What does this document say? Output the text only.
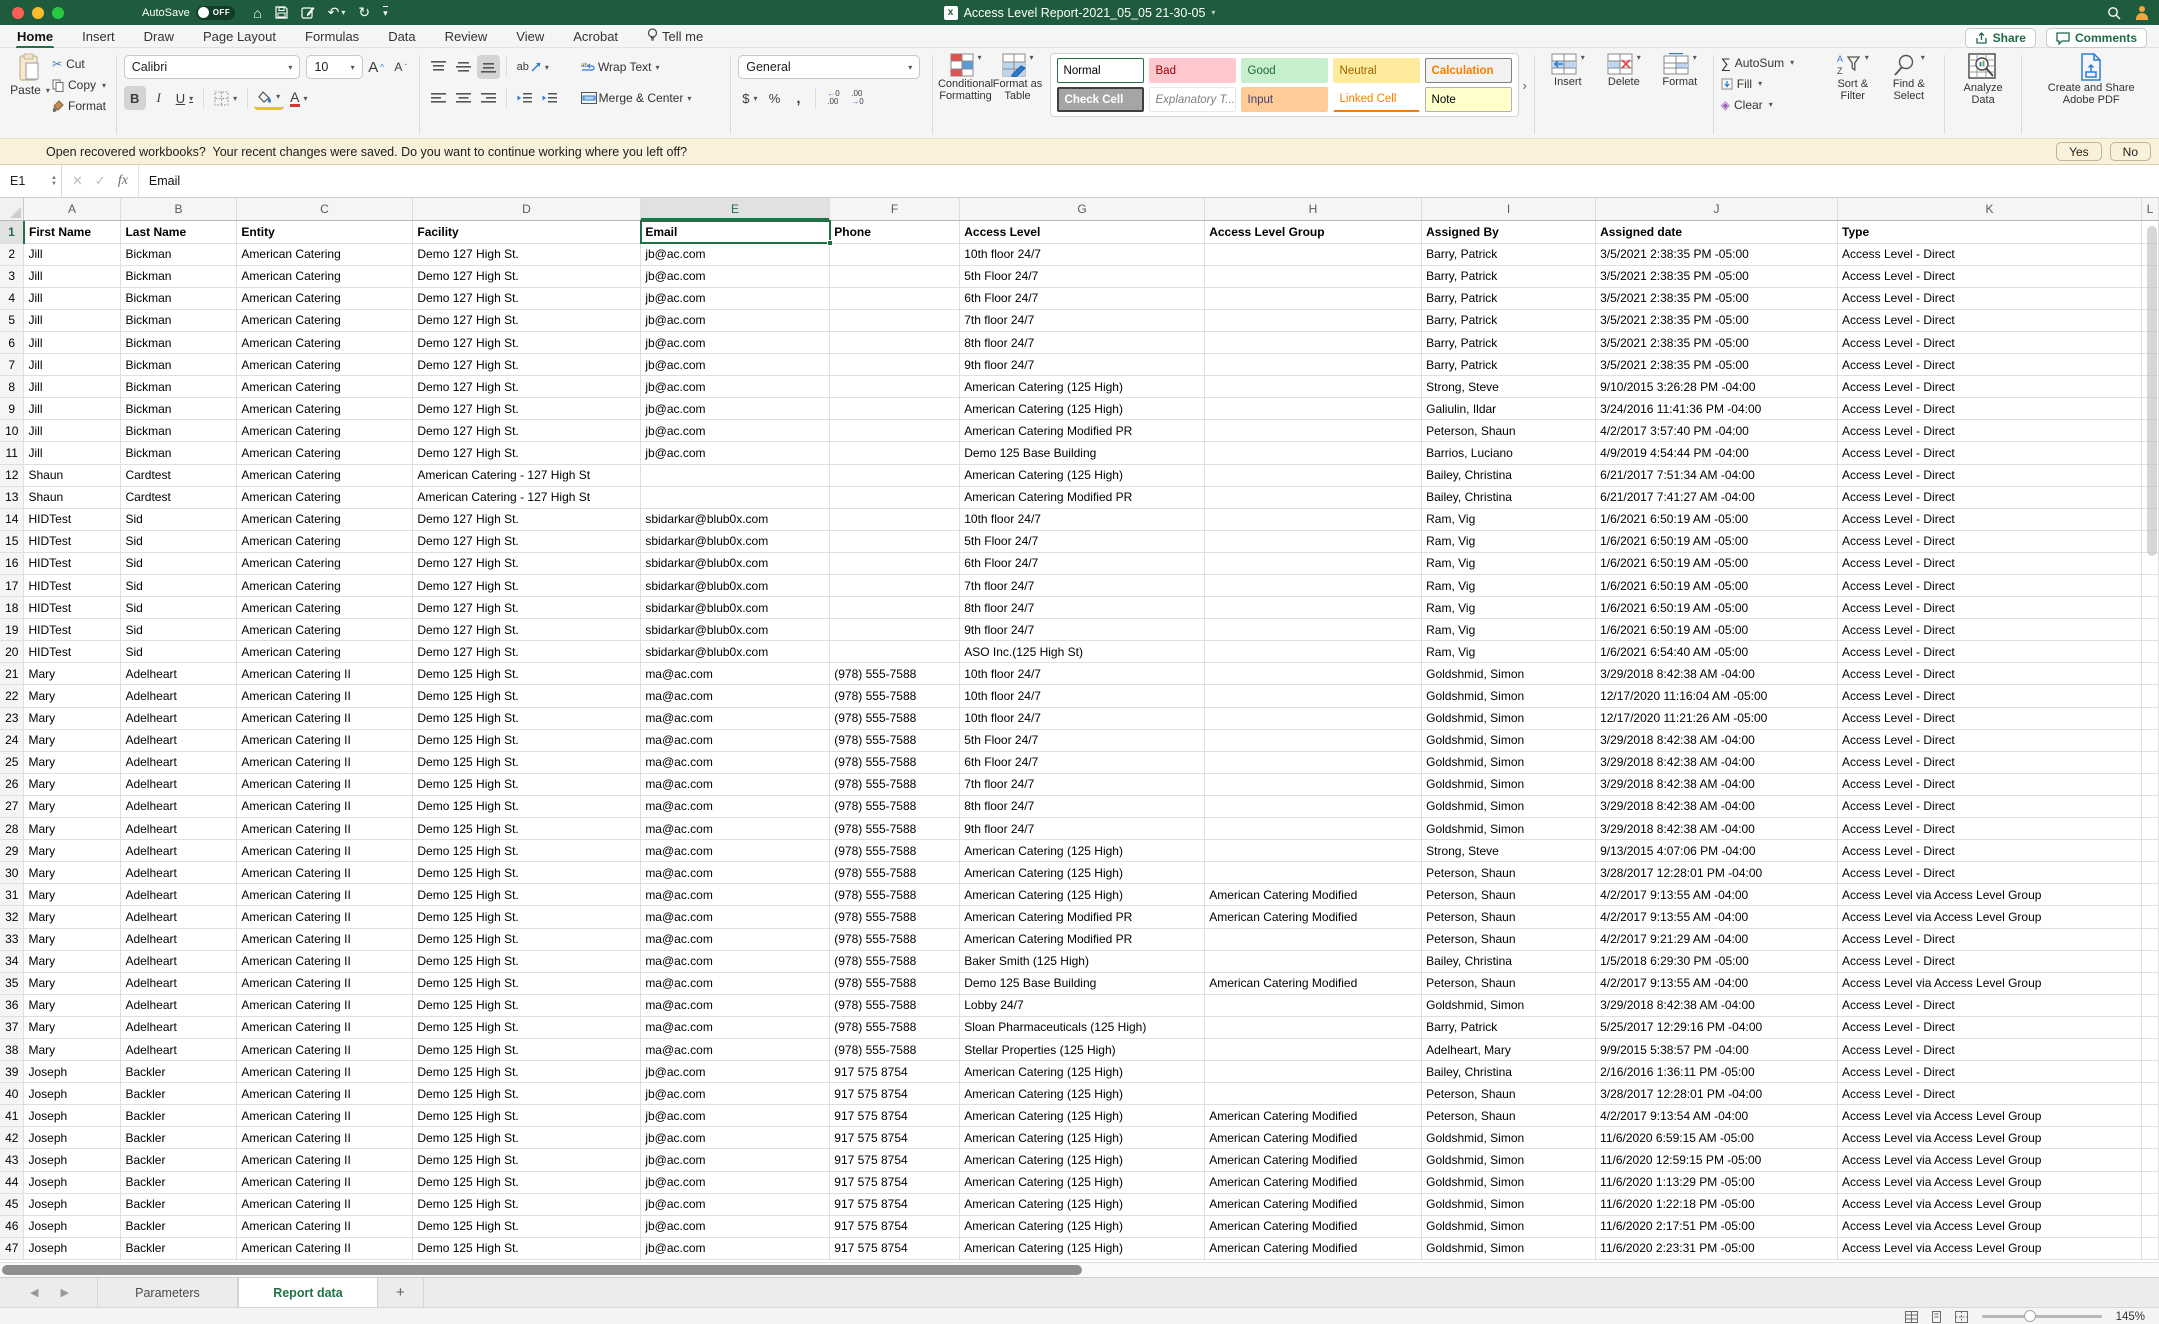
AutoSave	OFF ⌂	↶ ▾ ↻ ▾	x Access Level Report-2021_05_05 21-30-05 ▾
Home Insert Draw Page Layout Formulas Data Review View Acrobat	Tell me	Share	Comments
Paste ▾
✂ Cut
Copy ▾
Format
Calibri	▾ 10	▾ A ^ A ˇ
B I U ▾	▾	▾ A ▾
ab ▾	ab Wrap Text ▾
Merge & Center ▾
General	▾
$ ▾ % ,	←0
.00
.00
→0
▾
Conditional Formatting
▾
Format as Table
Normal	Bad	Good	Neutral	Calculation
Check Cell	Explanatory T...	Input	Linked Cell	Note
›
▾
Insert
▾
Delete
▾
Format
∑ AutoSum ▾
Fill ▾
◈ Clear ▾
A
Z
▾
Sort & Filter
▾
Find & Select
Analyze Data
Create and Share Adobe PDF
Open recovered workbooks?  Your recent changes were saved. Do you want to continue working where you left off?	Yes	No
E1	▲
▼ ✕ ✓ fx	Email
A	B	C	D	E	F	G	H	I	J	K	L
1	First Name	Last Name	Entity	Facility	Email	Phone	Access Level	Access Level Group	Assigned By	Assigned date	Type	
2	Jill	Bickman	American Catering	Demo 127 High St.	jb@ac.com		10th floor 24/7		Barry, Patrick	3/5/2021 2:38:35 PM -05:00	Access Level - Direct	
3	Jill	Bickman	American Catering	Demo 127 High St.	jb@ac.com		5th Floor 24/7		Barry, Patrick	3/5/2021 2:38:35 PM -05:00	Access Level - Direct	
4	Jill	Bickman	American Catering	Demo 127 High St.	jb@ac.com		6th Floor 24/7		Barry, Patrick	3/5/2021 2:38:35 PM -05:00	Access Level - Direct	
5	Jill	Bickman	American Catering	Demo 127 High St.	jb@ac.com		7th floor 24/7		Barry, Patrick	3/5/2021 2:38:35 PM -05:00	Access Level - Direct	
6	Jill	Bickman	American Catering	Demo 127 High St.	jb@ac.com		8th floor 24/7		Barry, Patrick	3/5/2021 2:38:35 PM -05:00	Access Level - Direct	
7	Jill	Bickman	American Catering	Demo 127 High St.	jb@ac.com		9th floor 24/7		Barry, Patrick	3/5/2021 2:38:35 PM -05:00	Access Level - Direct	
8	Jill	Bickman	American Catering	Demo 127 High St.	jb@ac.com		American Catering (125 High)		Strong, Steve	9/10/2015 3:26:28 PM -04:00	Access Level - Direct	
9	Jill	Bickman	American Catering	Demo 127 High St.	jb@ac.com		American Catering (125 High)		Galiulin, Ildar	3/24/2016 11:41:36 PM -04:00	Access Level - Direct	
10	Jill	Bickman	American Catering	Demo 127 High St.	jb@ac.com		American Catering Modified PR		Peterson, Shaun	4/2/2017 3:57:40 PM -04:00	Access Level - Direct	
11	Jill	Bickman	American Catering	Demo 127 High St.	jb@ac.com		Demo 125 Base Building		Barrios, Luciano	4/9/2019 4:54:44 PM -04:00	Access Level - Direct	
12	Shaun	Cardtest	American Catering	American Catering - 127 High St			American Catering (125 High)		Bailey, Christina	6/21/2017 7:51:34 AM -04:00	Access Level - Direct	
13	Shaun	Cardtest	American Catering	American Catering - 127 High St			American Catering Modified PR		Bailey, Christina	6/21/2017 7:41:27 AM -04:00	Access Level - Direct	
14	HIDTest	Sid	American Catering	Demo 127 High St.	sbidarkar@blub0x.com		10th floor 24/7		Ram, Vig	1/6/2021 6:50:19 AM -05:00	Access Level - Direct	
15	HIDTest	Sid	American Catering	Demo 127 High St.	sbidarkar@blub0x.com		5th Floor 24/7		Ram, Vig	1/6/2021 6:50:19 AM -05:00	Access Level - Direct	
16	HIDTest	Sid	American Catering	Demo 127 High St.	sbidarkar@blub0x.com		6th Floor 24/7		Ram, Vig	1/6/2021 6:50:19 AM -05:00	Access Level - Direct	
17	HIDTest	Sid	American Catering	Demo 127 High St.	sbidarkar@blub0x.com		7th floor 24/7		Ram, Vig	1/6/2021 6:50:19 AM -05:00	Access Level - Direct	
18	HIDTest	Sid	American Catering	Demo 127 High St.	sbidarkar@blub0x.com		8th floor 24/7		Ram, Vig	1/6/2021 6:50:19 AM -05:00	Access Level - Direct	
19	HIDTest	Sid	American Catering	Demo 127 High St.	sbidarkar@blub0x.com		9th floor 24/7		Ram, Vig	1/6/2021 6:50:19 AM -05:00	Access Level - Direct	
20	HIDTest	Sid	American Catering	Demo 127 High St.	sbidarkar@blub0x.com		ASO Inc.(125 High St)		Ram, Vig	1/6/2021 6:54:40 AM -05:00	Access Level - Direct	
21	Mary	Adelheart	American Catering II	Demo 125 High St.	ma@ac.com	(978) 555-7588	10th floor 24/7		Goldshmid, Simon	3/29/2018 8:42:38 AM -04:00	Access Level - Direct	
22	Mary	Adelheart	American Catering II	Demo 125 High St.	ma@ac.com	(978) 555-7588	10th floor 24/7		Goldshmid, Simon	12/17/2020 11:16:04 AM -05:00	Access Level - Direct	
23	Mary	Adelheart	American Catering II	Demo 125 High St.	ma@ac.com	(978) 555-7588	10th floor 24/7		Goldshmid, Simon	12/17/2020 11:21:26 AM -05:00	Access Level - Direct	
24	Mary	Adelheart	American Catering II	Demo 125 High St.	ma@ac.com	(978) 555-7588	5th Floor 24/7		Goldshmid, Simon	3/29/2018 8:42:38 AM -04:00	Access Level - Direct	
25	Mary	Adelheart	American Catering II	Demo 125 High St.	ma@ac.com	(978) 555-7588	6th Floor 24/7		Goldshmid, Simon	3/29/2018 8:42:38 AM -04:00	Access Level - Direct	
26	Mary	Adelheart	American Catering II	Demo 125 High St.	ma@ac.com	(978) 555-7588	7th floor 24/7		Goldshmid, Simon	3/29/2018 8:42:38 AM -04:00	Access Level - Direct	
27	Mary	Adelheart	American Catering II	Demo 125 High St.	ma@ac.com	(978) 555-7588	8th floor 24/7		Goldshmid, Simon	3/29/2018 8:42:38 AM -04:00	Access Level - Direct	
28	Mary	Adelheart	American Catering II	Demo 125 High St.	ma@ac.com	(978) 555-7588	9th floor 24/7		Goldshmid, Simon	3/29/2018 8:42:38 AM -04:00	Access Level - Direct	
29	Mary	Adelheart	American Catering II	Demo 125 High St.	ma@ac.com	(978) 555-7588	American Catering (125 High)		Strong, Steve	9/13/2015 4:07:06 PM -04:00	Access Level - Direct	
30	Mary	Adelheart	American Catering II	Demo 125 High St.	ma@ac.com	(978) 555-7588	American Catering (125 High)		Peterson, Shaun	3/28/2017 12:28:01 PM -04:00	Access Level - Direct	
31	Mary	Adelheart	American Catering II	Demo 125 High St.	ma@ac.com	(978) 555-7588	American Catering (125 High)	American Catering Modified	Peterson, Shaun	4/2/2017 9:13:55 AM -04:00	Access Level via Access Level Group	
32	Mary	Adelheart	American Catering II	Demo 125 High St.	ma@ac.com	(978) 555-7588	American Catering Modified PR	American Catering Modified	Peterson, Shaun	4/2/2017 9:13:55 AM -04:00	Access Level via Access Level Group	
33	Mary	Adelheart	American Catering II	Demo 125 High St.	ma@ac.com	(978) 555-7588	American Catering Modified PR		Peterson, Shaun	4/2/2017 9:21:29 AM -04:00	Access Level - Direct	
34	Mary	Adelheart	American Catering II	Demo 125 High St.	ma@ac.com	(978) 555-7588	Baker Smith (125 High)		Bailey, Christina	1/5/2018 6:29:30 PM -05:00	Access Level - Direct	
35	Mary	Adelheart	American Catering II	Demo 125 High St.	ma@ac.com	(978) 555-7588	Demo 125 Base Building	American Catering Modified	Peterson, Shaun	4/2/2017 9:13:55 AM -04:00	Access Level via Access Level Group	
36	Mary	Adelheart	American Catering II	Demo 125 High St.	ma@ac.com	(978) 555-7588	Lobby 24/7		Goldshmid, Simon	3/29/2018 8:42:38 AM -04:00	Access Level - Direct	
37	Mary	Adelheart	American Catering II	Demo 125 High St.	ma@ac.com	(978) 555-7588	Sloan Pharmaceuticals (125 High)		Barry, Patrick	5/25/2017 12:29:16 PM -04:00	Access Level - Direct	
38	Mary	Adelheart	American Catering II	Demo 125 High St.	ma@ac.com	(978) 555-7588	Stellar Properties (125 High)		Adelheart, Mary	9/9/2015 5:38:57 PM -04:00	Access Level - Direct	
39	Joseph	Backler	American Catering II	Demo 125 High St.	jb@ac.com	917 575 8754	American Catering (125 High)		Bailey, Christina	2/16/2016 1:36:11 PM -05:00	Access Level - Direct	
40	Joseph	Backler	American Catering II	Demo 125 High St.	jb@ac.com	917 575 8754	American Catering (125 High)		Peterson, Shaun	3/28/2017 12:28:01 PM -04:00	Access Level - Direct	
41	Joseph	Backler	American Catering II	Demo 125 High St.	jb@ac.com	917 575 8754	American Catering (125 High)	American Catering Modified	Peterson, Shaun	4/2/2017 9:13:54 AM -04:00	Access Level via Access Level Group	
42	Joseph	Backler	American Catering II	Demo 125 High St.	jb@ac.com	917 575 8754	American Catering (125 High)	American Catering Modified	Goldshmid, Simon	11/6/2020 6:59:15 AM -05:00	Access Level via Access Level Group	
43	Joseph	Backler	American Catering II	Demo 125 High St.	jb@ac.com	917 575 8754	American Catering (125 High)	American Catering Modified	Goldshmid, Simon	11/6/2020 12:59:15 PM -05:00	Access Level via Access Level Group	
44	Joseph	Backler	American Catering II	Demo 125 High St.	jb@ac.com	917 575 8754	American Catering (125 High)	American Catering Modified	Goldshmid, Simon	11/6/2020 1:13:29 PM -05:00	Access Level via Access Level Group	
45	Joseph	Backler	American Catering II	Demo 125 High St.	jb@ac.com	917 575 8754	American Catering (125 High)	American Catering Modified	Goldshmid, Simon	11/6/2020 1:22:18 PM -05:00	Access Level via Access Level Group	
46	Joseph	Backler	American Catering II	Demo 125 High St.	jb@ac.com	917 575 8754	American Catering (125 High)	American Catering Modified	Goldshmid, Simon	11/6/2020 2:17:51 PM -05:00	Access Level via Access Level Group	
47	Joseph	Backler	American Catering II	Demo 125 High St.	jb@ac.com	917 575 8754	American Catering (125 High)	American Catering Modified	Goldshmid, Simon	11/6/2020 2:23:31 PM -05:00	Access Level via Access Level Group	
◀ ▶	Parameters	Report data	+
145%
